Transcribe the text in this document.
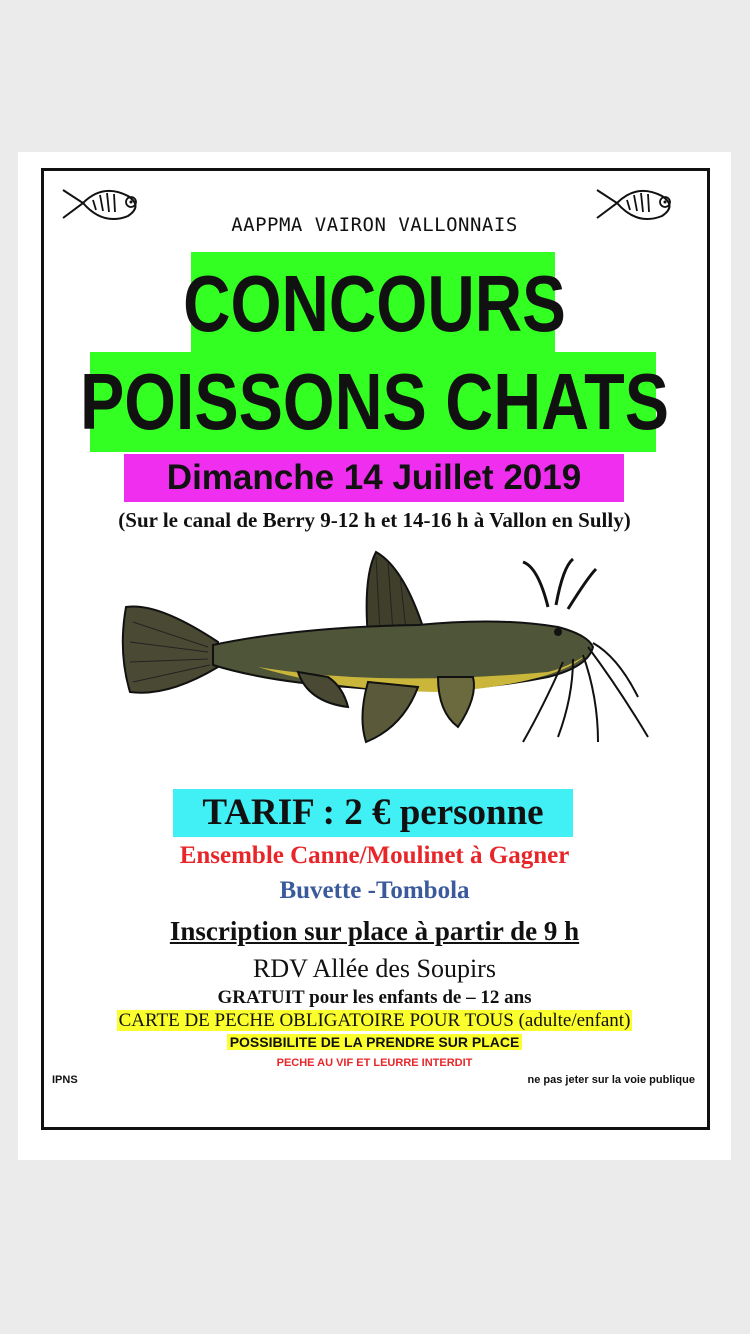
AAPPMA VAIRON VALLONNAIS
CONCOURS
POISSONS CHATS
Dimanche 14 Juillet 2019
(Sur le canal de Berry 9-12 h et 14-16 h à Vallon en Sully)
TARIF : 2 € personne
Ensemble Canne/Moulinet à Gagner
Buvette -Tombola
Inscription sur place à partir de 9 h
RDV Allée des Soupirs
GRATUIT pour les enfants de – 12 ans
CARTE DE PECHE OBLIGATOIRE POUR TOUS (adulte/enfant)
POSSIBILITE DE LA PRENDRE SUR PLACE
PECHE AU VIF ET LEURRE INTERDIT
IPNS	ne pas jeter sur la voie publique
